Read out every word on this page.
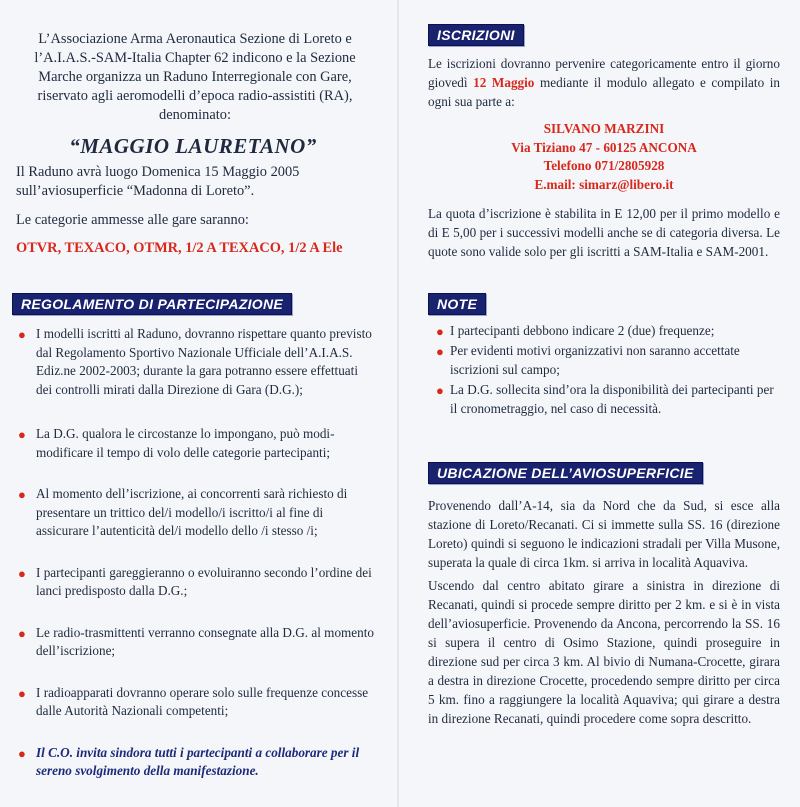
L’Associazione Arma Aeronautica Sezione di Loreto e l’A.I.A.S.-SAM-Italia Chapter 62 indicono e la Sezione Marche organizza un Raduno Interregionale con Gare, riservato agli aeromodelli d’epoca radio-assistiti (RA), denominato:

“MAGGIO LAURETANO”

Il Raduno avrà luogo Domenica 15 Maggio 2005 sull’aviosuperficie “Madonna di Loreto”.

Le categorie ammesse alle gare saranno:

OTVR, TEXACO, OTMR, 1/2 A TEXACO, 1/2 A Ele

REGOLAMENTO DI PARTECIPAZIONE
● I modelli iscritti al Raduno, dovranno rispettare quanto previsto dal Regolamento Sportivo Nazionale Ufficiale dell’A.I.A.S. Ediz.ne 2002-2003; durante la gara potranno essere effettuati dei controlli mirati dalla Direzione di Gara (D.G.);
● La D.G. qualora le circostanze lo impongano, può modi-modificare il tempo di volo delle categorie partecipanti;
● Al momento dell’iscrizione, ai concorrenti sarà richiesto di presentare un trittico del/i modello/i iscritto/i al fine di assicurare l’autenticità del/i modello dello /i stesso /i;
● I partecipanti gareggieranno o evoluiranno secondo l’ordine dei lanci predisposto dalla D.G.;
● Le radio-trasmittenti verranno consegnate alla D.G. al momento dell’iscrizione;
● I radioapparati dovranno operare solo sulle frequenze concesse dalle Autorità Nazionali competenti;
● Il C.O. invita sindora tutti i partecipanti a collaborare per il sereno svolgimento della manifestazione.
ISCRIZIONI

Le iscrizioni dovranno pervenire categoricamente entro il giorno giovedì 12 Maggio mediante il modulo allegato e compilato in ogni sua parte a:

SILVANO MARZINI
Via Tiziano 47 - 60125 ANCONA
Telefono 071/2805928
E.mail: simarz@libero.it

La quota d’iscrizione è stabilita in E 12,00 per il primo modello e di E 5,00 per i successivi modelli anche se di categoria diversa. Le quote sono valide solo per gli iscritti a SAM-Italia e SAM-2001.

NOTE
● I partecipanti debbono indicare 2 (due) frequenze;
● Per evidenti motivi organizzativi non saranno accettate iscrizioni sul campo;
● La D.G. sollecita sind’ora la disponibilità dei partecipanti per il cronometraggio, nel caso di necessità.
UBICAZIONE DELL’AVIOSUPERFICIE

Provenendo dall’A-14, sia da Nord che da Sud, si esce alla stazione di Loreto/Recanati. Ci si immette sulla SS. 16 (direzione Loreto) quindi si seguono le indicazioni stradali per Villa Musone, superata la quale di circa 1km. si arriva in località Aquaviva.

Uscendo dal centro abitato girare a sinistra in direzione di Recanati, quindi si procede sempre diritto per 2 km. e si è in vista dell’aviosuperficie. Provenendo da Ancona, percorrendo la SS. 16 si supera il centro di Osimo Stazione, quindi proseguire in direzione sud per circa 3 km. Al bivio di Numana-Crocette, girara a destra in direzione Crocette, procedendo sempre diritto per circa 5 km. fino a raggiungere la località Aquaviva; qui girare a destra in direzione Recanati, quindi procedere come sopra descritto.
